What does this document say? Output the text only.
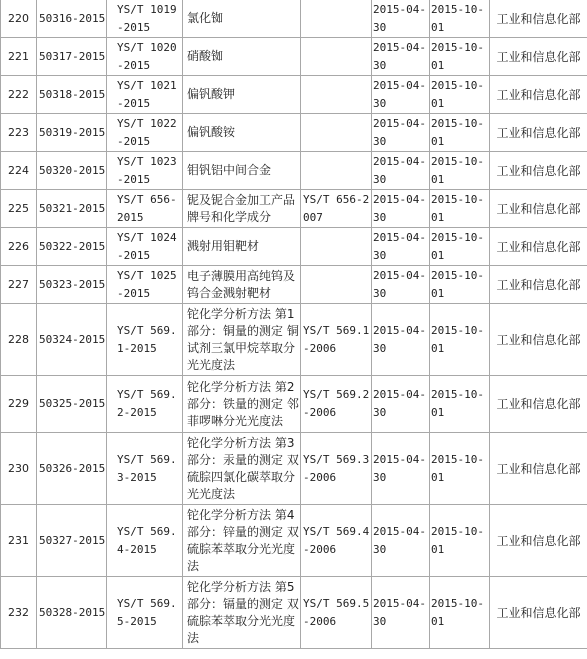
220	50316-2015	YS/T 1019-2015	氯化铷		2015-04-30	2015-10-01	工业和信息化部
221	50317-2015	YS/T 1020-2015	硝酸铷		2015-04-30	2015-10-01	工业和信息化部
222	50318-2015	YS/T 1021-2015	偏钒酸钾		2015-04-30	2015-10-01	工业和信息化部
223	50319-2015	YS/T 1022-2015	偏钒酸铵		2015-04-30	2015-10-01	工业和信息化部
224	50320-2015	YS/T 1023-2015	钼钒铝中间合金		2015-04-30	2015-10-01	工业和信息化部
225	50321-2015	YS/T 656-2015	铌及铌合金加工产品牌号和化学成分	YS/T 656-2007	2015-04-30	2015-10-01	工业和信息化部
226	50322-2015	YS/T 1024-2015	溅射用钼靶材		2015-04-30	2015-10-01	工业和信息化部
227	50323-2015	YS/T 1025-2015	电子薄膜用高纯钨及钨合金溅射靶材		2015-04-30	2015-10-01	工业和信息化部
228	50324-2015	YS/T 569.1-2015	铊化学分析方法 第1部分：铜量的测定 铜试剂三氯甲烷萃取分光光度法	YS/T 569.1-2006	2015-04-30	2015-10-01	工业和信息化部
229	50325-2015	YS/T 569.2-2015	铊化学分析方法 第2部分：铁量的测定 邻菲啰啉分光光度法	YS/T 569.2-2006	2015-04-30	2015-10-01	工业和信息化部
230	50326-2015	YS/T 569.3-2015	铊化学分析方法 第3部分：汞量的测定 双硫腙四氯化碳萃取分光光度法	YS/T 569.3-2006	2015-04-30	2015-10-01	工业和信息化部
231	50327-2015	YS/T 569.4-2015	铊化学分析方法 第4部分：锌量的测定 双硫腙苯萃取分光光度法	YS/T 569.4-2006	2015-04-30	2015-10-01	工业和信息化部
232	50328-2015	YS/T 569.5-2015	铊化学分析方法 第5部分：镉量的测定 双硫腙苯萃取分光光度法	YS/T 569.5-2006	2015-04-30	2015-10-01	工业和信息化部
